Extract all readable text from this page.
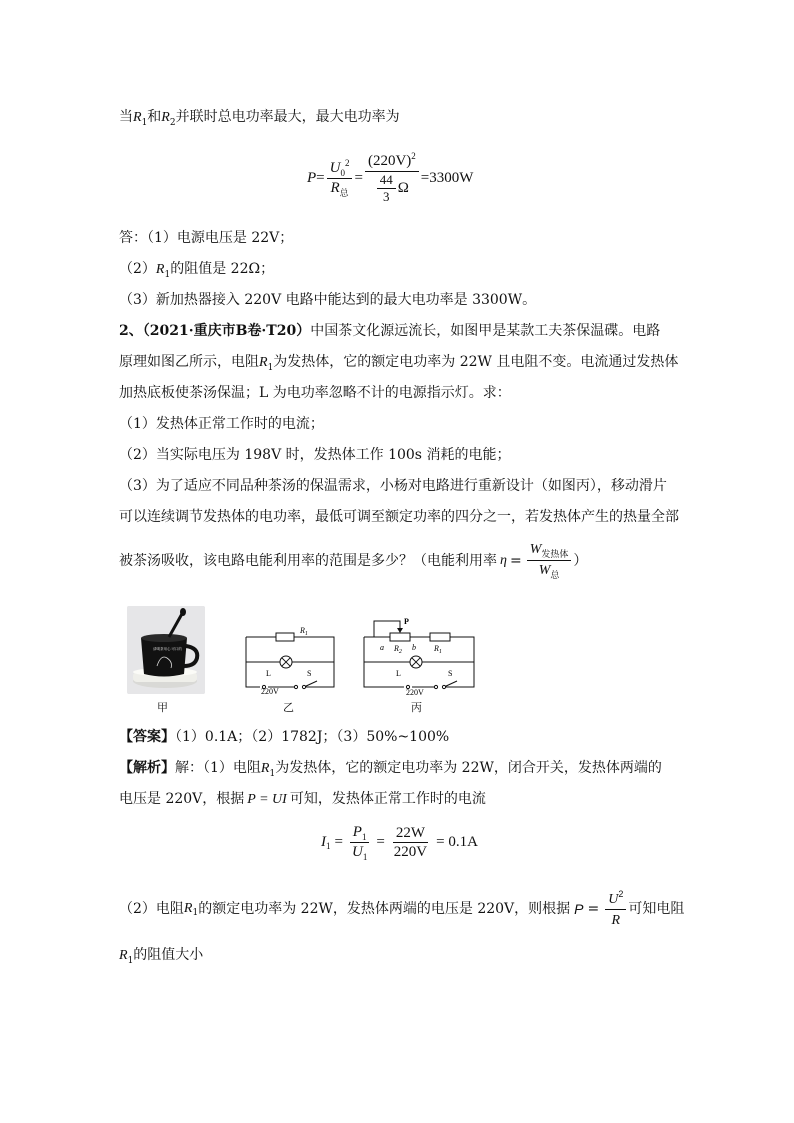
当$R_1$和$R_2$并联时总电功率最大，最大电功率为
$P = \frac{U_0^2}{R_总} = \frac{(220V)^2}{\frac{44}{3} \Omega} =3300W$
答：（1）电源电压是 22V；
$(2)R_1$的阻值是 22Ω；
（3）新加热器接入 220V 电路中能达到的最大电功率是 3300W。
2、（2021·重庆市B卷·T20）中国茶文化源远流长，如图甲是某款工夫茶保温碟。电路
原理如图乙所示，电阻$R_1$为发热体，它的额定电功率为 22W 且电阻不变。电流通过发热体
加热底板使茶汤保温；L 为电功率忽略不计的电源指示灯。求：
（1）发热体正常工作时的电流；
（2）当实际电压为 198V 时，发热体工作 100s 消耗的电能；
（3）为了适应不同品种茶汤的保温需求，小杨对电路进行重新设计（如图丙），移动滑片
可以连续调节发热体的电功率，最低可调至额定功率的四分之一，若发热体产生的热量全部
被茶汤吸收，该电路电能利用率的范围是多少？（电能利用率 $\eta = \frac{W_{发热体}}{W_总}$ ）
请喝茶用心 可口的
甲
$R_1$
L	S
220V
乙
P
a	b
$R_2$	$R_1$
L	S
220V
丙
【答案】（1）0.1A；（2）1782J；（3）50%~100%
【解析】解：（1）电阻$R_1$为发热体，它的额定电功率为 22W，闭合开关，发热体两端的
电压是 220V，根据 P = UI 可知，发热体正常工作时的电流
I $1 = \frac{P_1}{U_1} = \frac{22W}{220V} = 0.1A$
（2）电阻 R 1 的额定电功率为 22W，发热体两端的电压是 220V，则根据 $P = \frac{U^2}{R}$ 可知电阻
$R_1$的阻值大小
